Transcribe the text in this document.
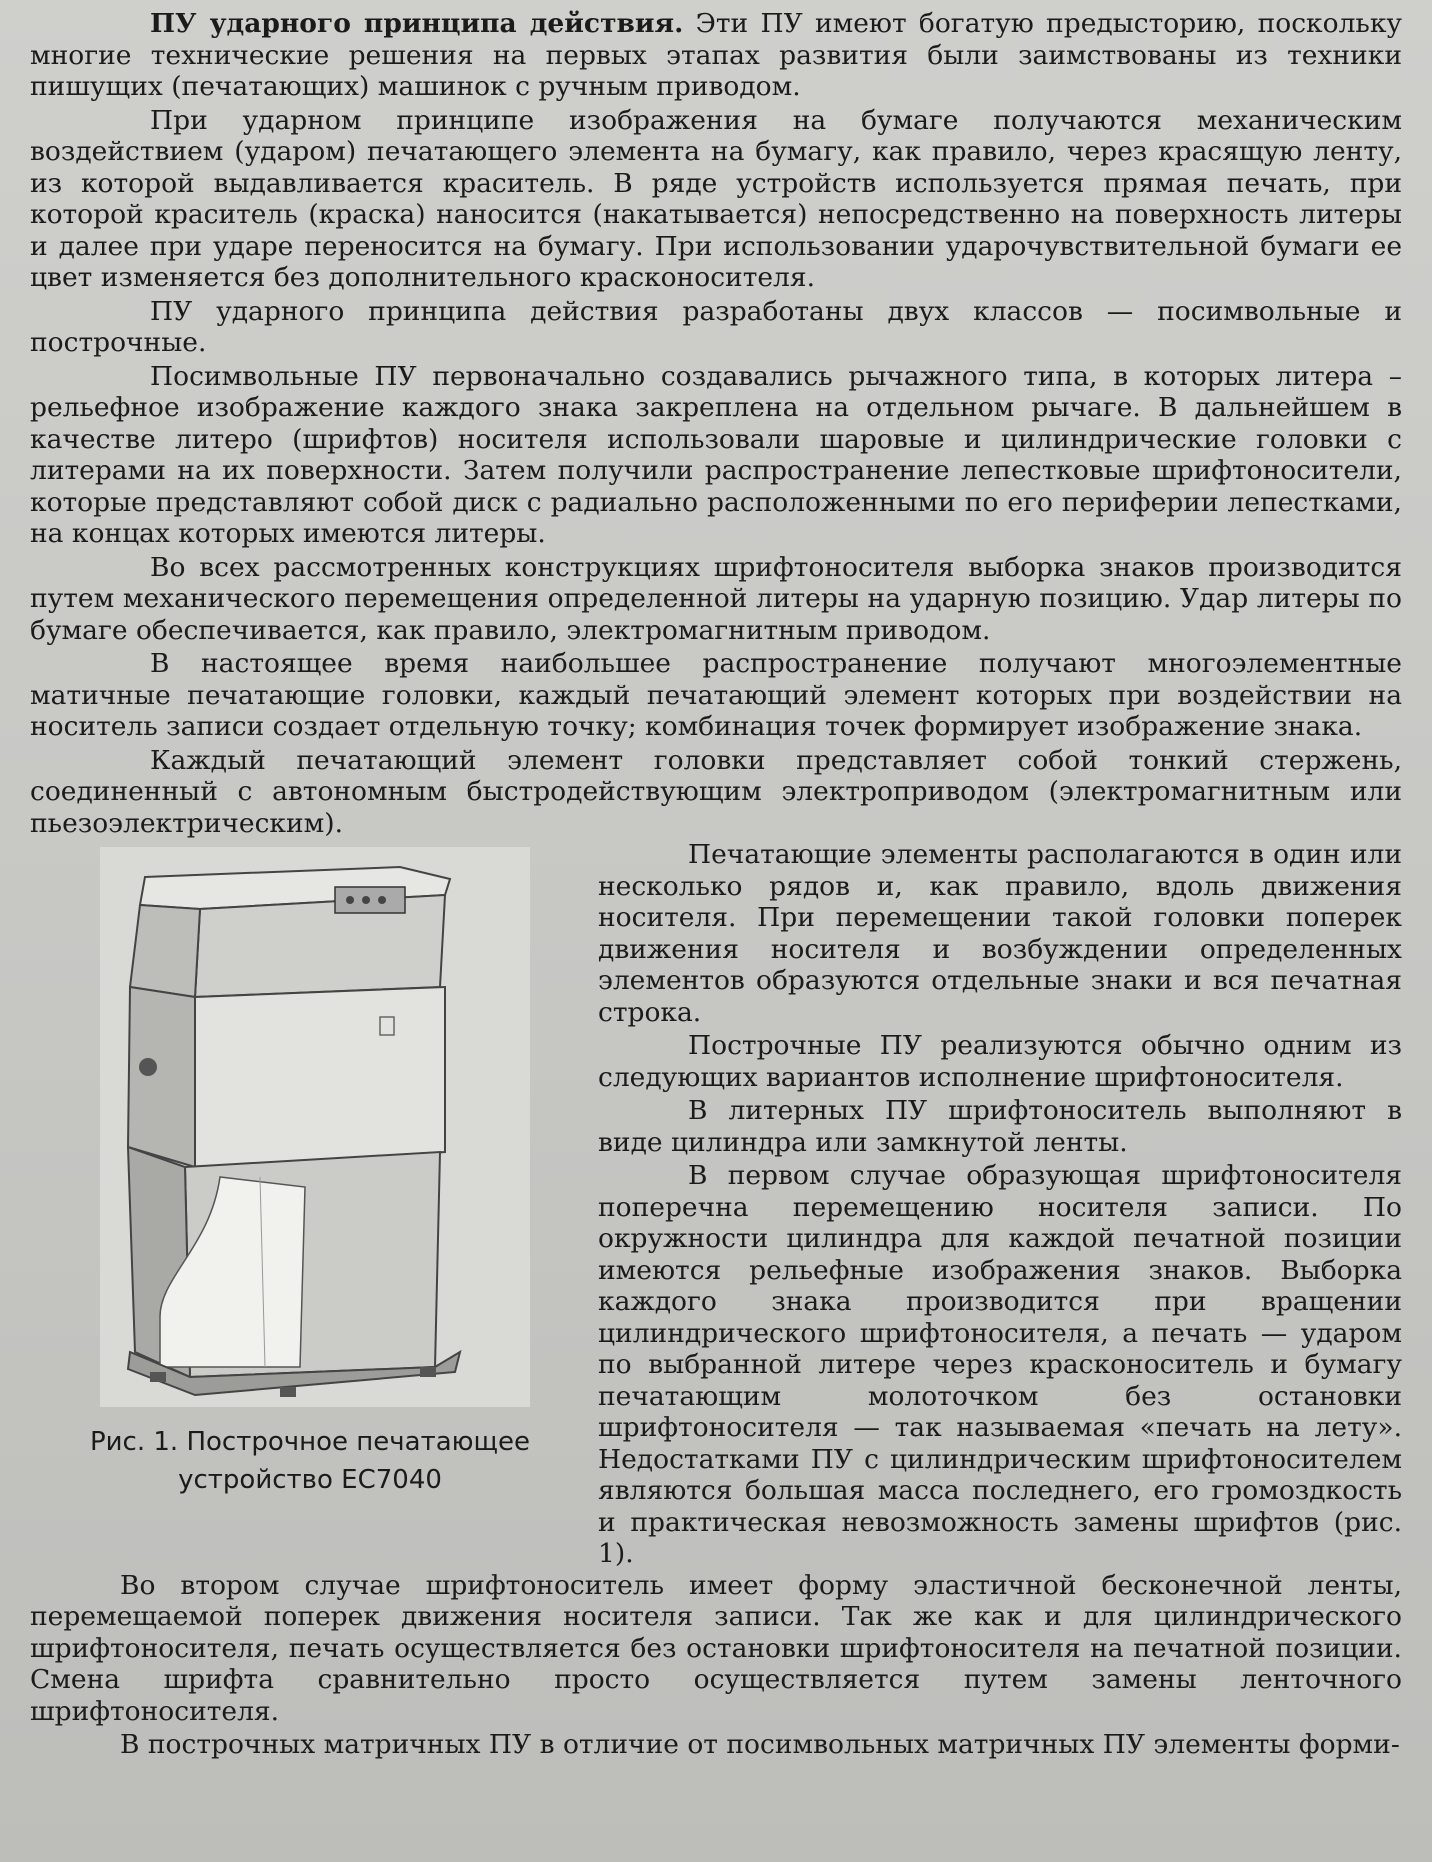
ПУ ударного принципа действия. Эти ПУ имеют богатую предысторию, поскольку многие технические решения на первых этапах развития были заимствованы из техники пишущих (печатающих) машинок с ручным приводом.

При ударном принципе изображения на бумаге получаются механическим воздействием (ударом) печатающего элемента на бумагу, как правило, через красящую ленту, из которой выдавливается краситель. В ряде устройств используется прямая печать, при которой краситель (краска) наносится (накатывается) непосредственно на поверхность литеры и далее при ударе переносится на бумагу. При использовании ударочувствительной бумаги ее цвет изменяется без дополнительного красконосителя.

ПУ ударного принципа действия разработаны двух классов — посимвольные и построчные.

Посимвольные ПУ первоначально создавались рычажного типа, в которых литера – рельефное изображение каждого знака закреплена на отдельном рычаге. В дальнейшем в качестве литеро (шрифтов) носителя использовали шаровые и цилиндрические головки с литерами на их поверхности. Затем получили распространение лепестковые шрифтоносители, которые представляют собой диск с радиально расположенными по его периферии лепестками, на концах которых имеются литеры.

Во всех рассмотренных конструкциях шрифтоносителя выборка знаков производится путем механического перемещения определенной литеры на ударную позицию. Удар литеры по бумаге обеспечивается, как правило, электромагнитным приводом.

В настоящее время наибольшее распространение получают многоэлементные матичные печатающие головки, каждый печатающий элемент которых при воздействии на носитель записи создает отдельную точку; комбинация точек формирует изображение знака.

Каждый печатающий элемент головки представляет собой тонкий стержень, соединенный с автономным быстродействующим электроприводом (электромагнитным или пьезоэлектрическим).

Рис. 1. Построчное печатающее устройство ЕС7040

Печатающие элементы располагаются в один или несколько рядов и, как правило, вдоль движения носителя. При перемещении такой головки поперек движения носителя и возбуждении определенных элементов образуются отдельные знаки и вся печатная строка.

Построчные ПУ реализуются обычно одним из следующих вариантов исполнение шрифтоносителя.

В литерных ПУ шрифтоноситель выполняют в виде цилиндра или замкнутой ленты.

В первом случае образующая шрифтоносителя поперечна перемещению носителя записи. По окружности цилиндра для каждой печатной позиции имеются рельефные изображения знаков. Выборка каждого знака производится при вращении цилиндрического шрифтоносителя, а печать — ударом по выбранной литере через красконоситель и бумагу печатающим молоточком без остановки шрифтоносителя — так называемая «печать на лету». Недостатками ПУ с цилиндрическим шрифтоносителем являются большая масса последнего, его громоздкость и практическая невозможность замены шрифтов (рис. 1).

Во втором случае шрифтоноситель имеет форму эластичной бесконечной ленты, перемещаемой поперек движения носителя записи. Так же как и для цилиндрического шрифтоносителя, печать осуществляется без остановки шрифтоносителя на печатной позиции. Смена шрифта сравнительно просто осуществляется путем замены ленточного шрифтоносителя.

В построчных матричных ПУ в отличие от посимвольных матричных ПУ элементы форми-
